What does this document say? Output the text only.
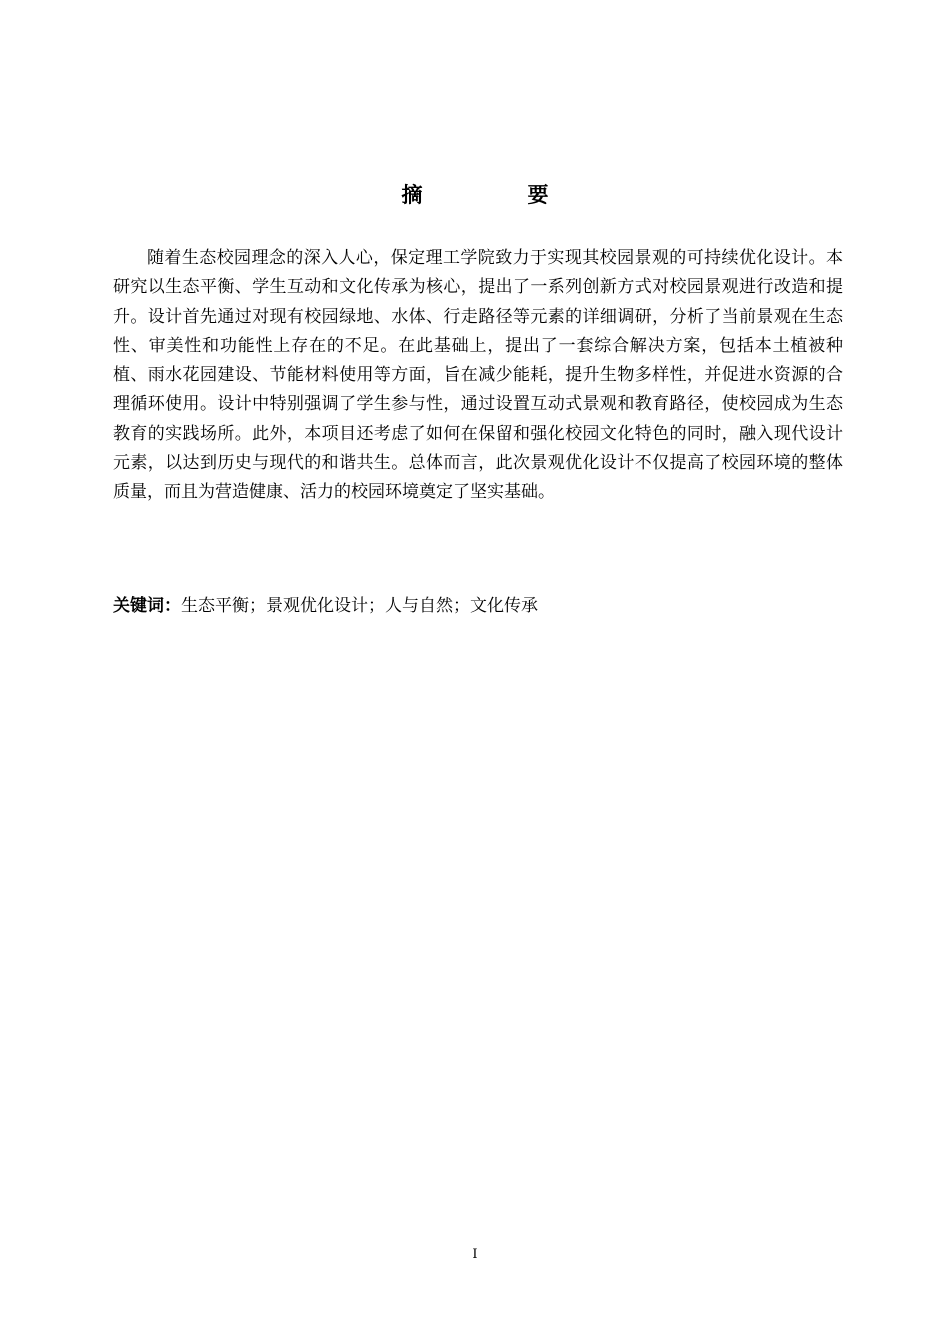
摘　要

随着生态校园理念的深入人心，保定理工学院致力于实现其校园景观的可持续优化设计。本研究以生态平衡、学生互动和文化传承为核心，提出了一系列创新方式对校园景观进行改造和提升。设计首先通过对现有校园绿地、水体、行走路径等元素的详细调研，分析了当前景观在生态性、审美性和功能性上存在的不足。在此基础上，提出了一套综合解决方案，包括本土植被种植、雨水花园建设、节能材料使用等方面，旨在减少能耗，提升生物多样性，并促进水资源的合理循环使用。设计中特别强调了学生参与性，通过设置互动式景观和教育路径，使校园成为生态教育的实践场所。此外，本项目还考虑了如何在保留和强化校园文化特色的同时，融入现代设计元素，以达到历史与现代的和谐共生。总体而言，此次景观优化设计不仅提高了校园环境的整体质量，而且为营造健康、活力的校园环境奠定了坚实基础。

关键词：生态平衡；景观优化设计；人与自然；文化传承

I
